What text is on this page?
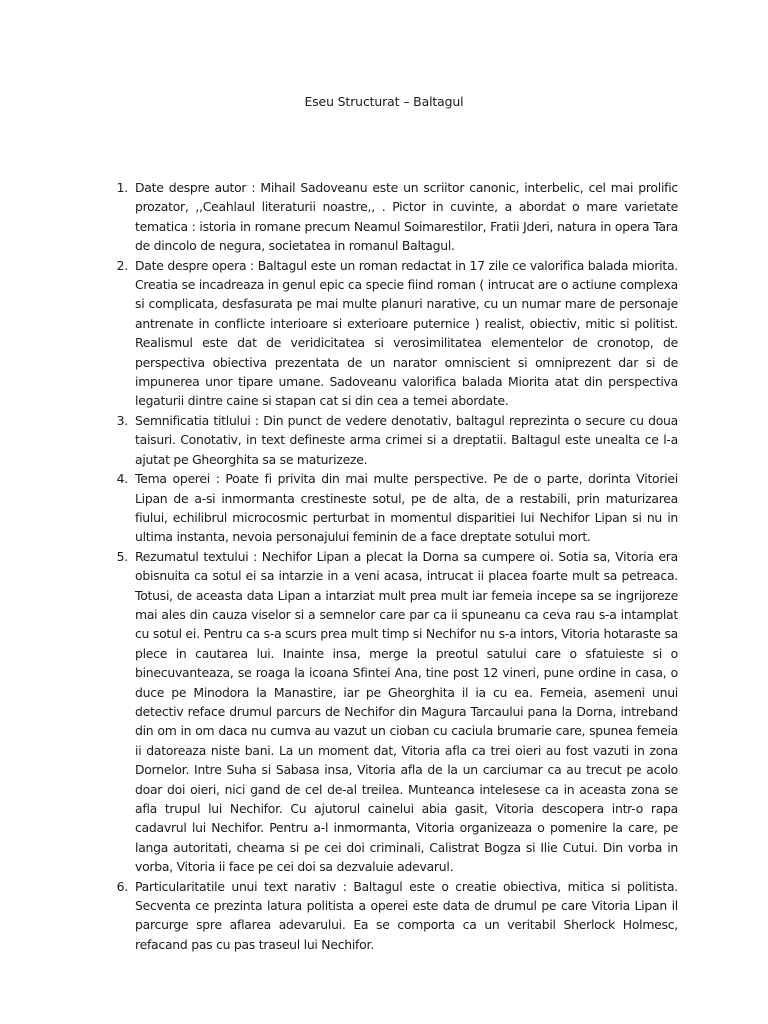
Eseu Structurat – Baltagul
1. Date despre autor : Mihail Sadoveanu este un scriitor canonic, interbelic, cel mai prolific prozator, ,,Ceahlaul literaturii noastre,, . Pictor in cuvinte, a abordat o mare varietate tematica : istoria in romane precum Neamul Soimarestilor, Fratii Jderi, natura in opera Tara de dincolo de negura, societatea in romanul Baltagul.
2. Date despre opera : Baltagul este un roman redactat in 17 zile ce valorifica balada miorita. Creatia se incadreaza in genul epic ca specie fiind roman ( intrucat are o actiune complexa si complicata, desfasurata pe mai multe planuri narative, cu un numar mare de personaje antrenate in conflicte interioare si exterioare puternice ) realist, obiectiv, mitic si politist. Realismul este dat de veridicitatea si verosimilitatea elementelor de cronotop, de perspectiva obiectiva prezentata de un narator omniscient si omniprezent dar si de impunerea unor tipare umane. Sadoveanu valorifica balada Miorita atat din perspectiva legaturii dintre caine si stapan cat si din cea a temei abordate.
3. Semnificatia titlului : Din punct de vedere denotativ, baltagul reprezinta o secure cu doua taisuri. Conotativ, in text defineste arma crimei si a dreptatii. Baltagul este unealta ce l-a ajutat pe Gheorghita sa se maturizeze.
4. Tema operei : Poate fi privita din mai multe perspective. Pe de o parte, dorinta Vitoriei Lipan de a-si inmormanta crestineste sotul, pe de alta, de a restabili, prin maturizarea fiului, echilibrul microcosmic perturbat in momentul disparitiei lui Nechifor Lipan si nu in ultima instanta, nevoia personajului feminin de a face dreptate sotului mort.
5. Rezumatul textului : Nechifor Lipan a plecat la Dorna sa cumpere oi. Sotia sa, Vitoria era obisnuita ca sotul ei sa intarzie in a veni acasa, intrucat ii placea foarte mult sa petreaca. Totusi, de aceasta data Lipan a intarziat mult prea mult iar femeia incepe sa se ingrijoreze mai ales din cauza viselor si a semnelor care par ca ii spuneanu ca ceva rau s-a intamplat cu sotul ei. Pentru ca s-a scurs prea mult timp si Nechifor nu s-a intors, Vitoria hotaraste sa plece in cautarea lui. Inainte insa, merge la preotul satului care o sfatuieste si o binecuvanteaza, se roaga la icoana Sfintei Ana, tine post 12 vineri, pune ordine in casa, o duce pe Minodora la Manastire, iar pe Gheorghita il ia cu ea. Femeia, asemeni unui detectiv reface drumul parcurs de Nechifor din Magura Tarcaului pana la Dorna, intreband din om in om daca nu cumva au vazut un cioban cu caciula brumarie care, spunea femeia ii datoreaza niste bani. La un moment dat, Vitoria afla ca trei oieri au fost vazuti in zona Dornelor. Intre Suha si Sabasa insa, Vitoria afla de la un carciumar ca au trecut pe acolo doar doi oieri, nici gand de cel de-al treilea. Munteanca intelesese ca in aceasta zona se afla trupul lui Nechifor. Cu ajutorul cainelui abia gasit, Vitoria descopera intr-o rapa cadavrul lui Nechifor. Pentru a-l inmormanta, Vitoria organizeaza o pomenire la care, pe langa autoritati, cheama si pe cei doi criminali, Calistrat Bogza si Ilie Cutui. Din vorba in vorba, Vitoria ii face pe cei doi sa dezvaluie adevarul.
6. Particularitatile unui text narativ : Baltagul este o creatie obiectiva, mitica si politista. Secventa ce prezinta latura politista a operei este data de drumul pe care Vitoria Lipan il parcurge spre aflarea adevarului. Ea se comporta ca un veritabil Sherlock Holmesc, refacand pas cu pas traseul lui Nechifor.
